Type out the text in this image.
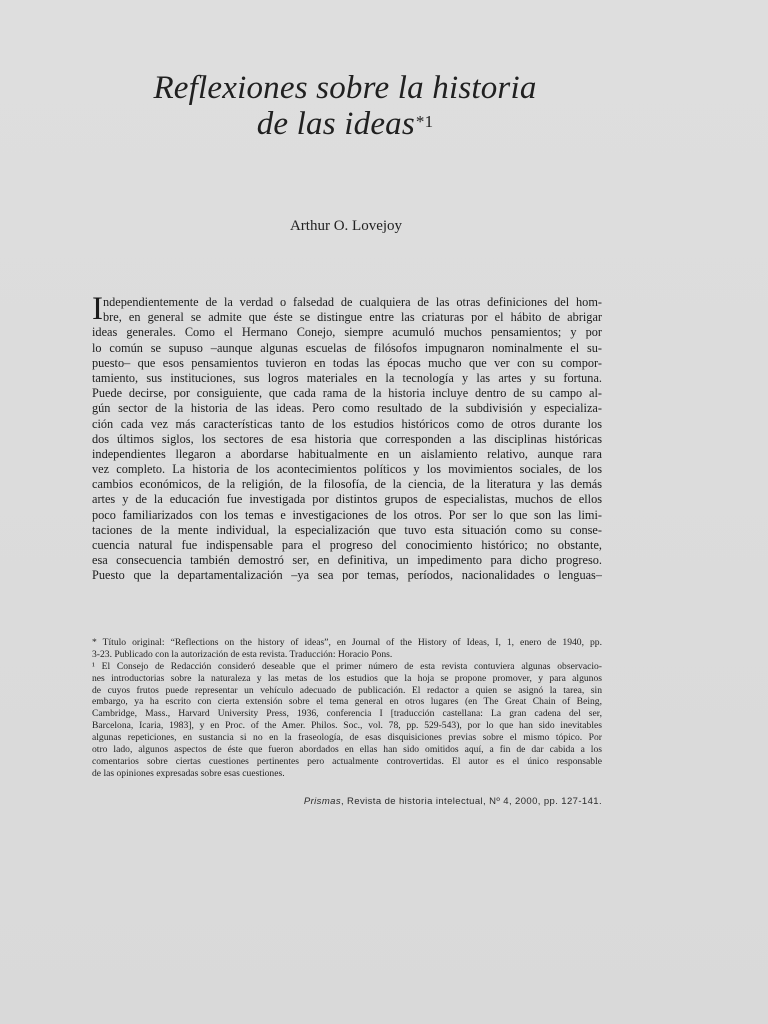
Reflexiones sobre la historia
de las ideas$^{*1}$
Arthur O. Lovejoy
I ndependientemente de la verdad o falsedad de cualquiera de las otras definiciones del hom-
bre, en general se admite que éste se distingue entre las criaturas por el hábito de abrigar
ideas generales. Como el Hermano Conejo, siempre acumuló muchos pensamientos; y por
lo común se supuso –aunque algunas escuelas de filósofos impugnaron nominalmente el su-
puesto– que esos pensamientos tuvieron en todas las épocas mucho que ver con su compor-
tamiento, sus instituciones, sus logros materiales en la tecnología y las artes y su fortuna.
Puede decirse, por consiguiente, que cada rama de la historia incluye dentro de su campo al-
gún sector de la historia de las ideas. Pero como resultado de la subdivisión y especializa-
ción cada vez más características tanto de los estudios históricos como de otros durante los
dos últimos siglos, los sectores de esa historia que corresponden a las disciplinas históricas
independientes llegaron a abordarse habitualmente en un aislamiento relativo, aunque rara
vez completo. La historia de los acontecimientos políticos y los movimientos sociales, de los
cambios económicos, de la religión, de la filosofía, de la ciencia, de la literatura y las demás
artes y de la educación fue investigada por distintos grupos de especialistas, muchos de ellos
poco familiarizados con los temas e investigaciones de los otros. Por ser lo que son las limi-
taciones de la mente individual, la especialización que tuvo esta situación como su conse-
cuencia natural fue indispensable para el progreso del conocimiento histórico; no obstante,
esa consecuencia también demostró ser, en definitiva, un impedimento para dicho progreso.
Puesto que la departamentalización –ya sea por temas, períodos, nacionalidades o lenguas–
* Título original: “Reflections on the history of ideas”, en Journal of the History of Ideas, I, 1, enero de 1940, pp.
3-23. Publicado con la autorización de esta revista. Traducción: Horacio Pons.
¹ El Consejo de Redacción consideró deseable que el primer número de esta revista contuviera algunas observacio-
nes introductorias sobre la naturaleza y las metas de los estudios que la hoja se propone promover, y para algunos
de cuyos frutos puede representar un vehículo adecuado de publicación. El redactor a quien se asignó la tarea, sin
embargo, ya ha escrito con cierta extensión sobre el tema general en otros lugares (en The Great Chain of Being,
Cambridge, Mass., Harvard University Press, 1936, conferencia I [traducción castellana: La gran cadena del ser,
Barcelona, Icaria, 1983], y en Proc. of the Amer. Philos. Soc., vol. 78, pp. 529-543), por lo que han sido inevitables
algunas repeticiones, en sustancia si no en la fraseología, de esas disquisiciones previas sobre el mismo tópico. Por
otro lado, algunos aspectos de éste que fueron abordados en ellas han sido omitidos aquí, a fin de dar cabida a los
comentarios sobre ciertas cuestiones pertinentes pero actualmente controvertidas. El autor es el único responsable
de las opiniones expresadas sobre esas cuestiones.
Prismas, Revista de historia intelectual, Nº 4, 2000, pp. 127-141.
